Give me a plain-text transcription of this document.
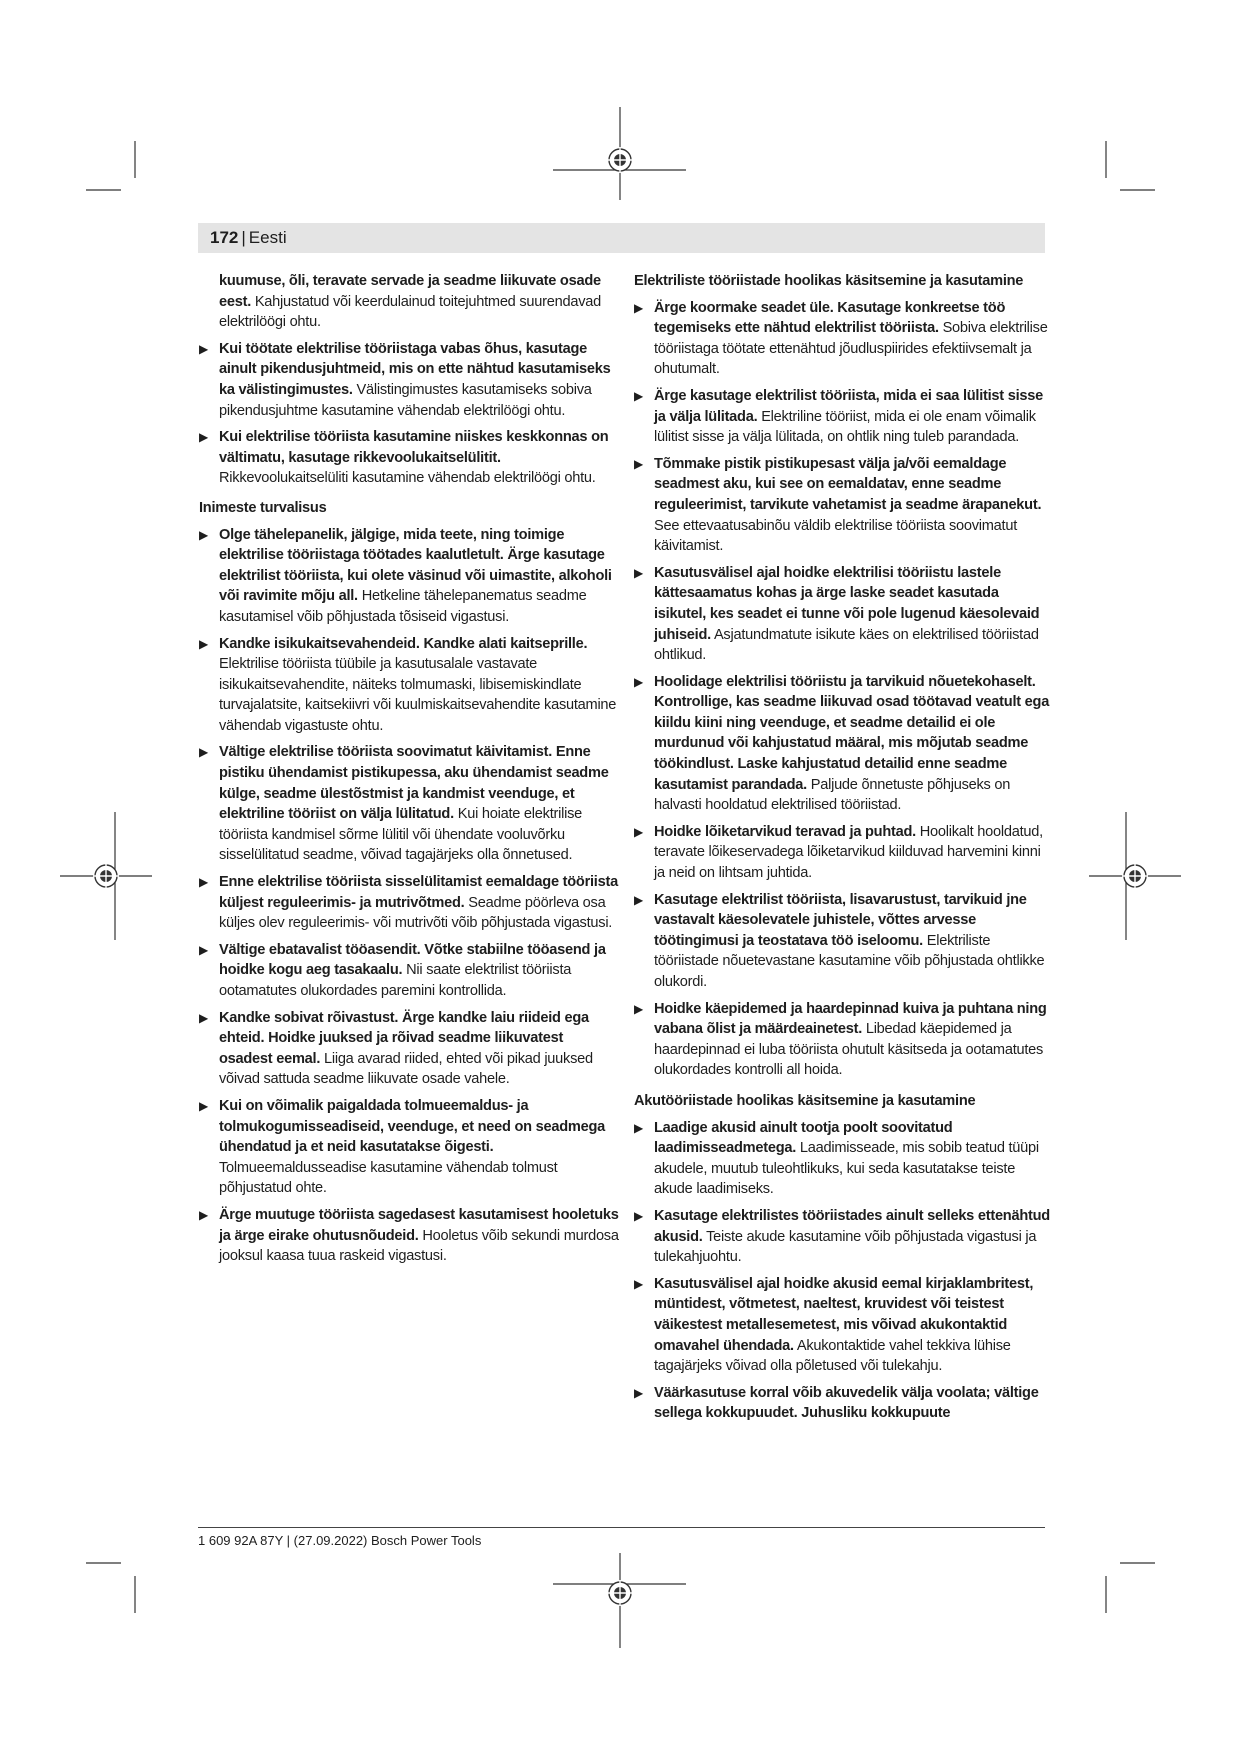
172 | Eesti
kuumuse, õli, teravate servade ja seadme liikuvate osade eest. Kahjustatud või keerdulainud toitejuhtmed suurendavad elektrilöögi ohtu.
▶ Kui töötate elektrilise tööriistaga vabas õhus, kasutage ainult pikendusjuhtmeid, mis on ette nähtud kasutamiseks ka välistingimustes. Välistingimustes kasutamiseks sobiva pikendusjuhtme kasutamine vähendab elektrilöögi ohtu.
▶ Kui elektrilise tööriista kasutamine niiskes keskkonnas on vältimatu, kasutage rikkevoolukaitselülitit. Rikkevoolukaitselüliti kasutamine vähendab elektrilöögi ohtu.
Inimeste turvalisus
▶ Olge tähelepanelik, jälgige, mida teete, ning toimige elektrilise tööriistaga töötades kaalutletult. Ärge kasutage elektrilist tööriista, kui olete väsinud või uimastite, alkoholi või ravimite mõju all. Hetkeline tähelepanematus seadme kasutamisel võib põhjustada tõsiseid vigastusi.
▶ Kandke isikukaitsevahendeid. Kandke alati kaitseprille. Elektrilise tööriista tüübile ja kasutusalale vastavate isikukaitsevahendite, näiteks tolmumaski, libisemiskindlate turvajalatsite, kaitsekiivri või kuulmiskaitsevahendite kasutamine vähendab vigastuste ohtu.
▶ Vältige elektrilise tööriista soovimatut käivitamist. Enne pistiku ühendamist pistikupessa, aku ühendamist seadme külge, seadme ülestõstmist ja kandmist veenduge, et elektriline tööriist on välja lülitatud. Kui hoiate elektrilise tööriista kandmisel sõrme lülitil või ühendate vooluvõrku sisselülitatud seadme, võivad tagajärjeks olla õnnetused.
▶ Enne elektrilise tööriista sisselülitamist eemaldage tööriista küljest reguleerimis- ja mutrivõtmed. Seadme pöörleva osa küljes olev reguleerimis- või mutrivõti võib põhjustada vigastusi.
▶ Vältige ebatavalist tööasendit. Võtke stabiilne tööasend ja hoidke kogu aeg tasakaalu. Nii saate elektrilist tööriista ootamatutes olukordades paremini kontrollida.
▶ Kandke sobivat rõivastust. Ärge kandke laiu riideid ega ehteid. Hoidke juuksed ja rõivad seadme liikuvatest osadest eemal. Liiga avarad riided, ehted või pikad juuksed võivad sattuda seadme liikuvate osade vahele.
▶ Kui on võimalik paigaldada tolmueemaldus- ja tolmukogumisseadiseid, veenduge, et need on seadmega ühendatud ja et neid kasutatakse õigesti. Tolmueemaldusseadise kasutamine vähendab tolmust põhjustatud ohte.
▶ Ärge muutuge tööriista sagedasest kasutamisest hooletuks ja ärge eirake ohutusnõudeid. Hooletus võib sekundi murdosa jooksul kaasa tuua raskeid vigastusi.
Elektriliste tööriistade hoolikas käsitsemine ja kasutamine
▶ Ärge koormake seadet üle. Kasutage konkreetse töö tegemiseks ette nähtud elektrilist tööriista. Sobiva elektrilise tööriistaga töötate ettenähtud jõudluspiirides efektiivsemalt ja ohutumalt.
▶ Ärge kasutage elektrilist tööriista, mida ei saa lülitist sisse ja välja lülitada. Elektriline tööriist, mida ei ole enam võimalik lülitist sisse ja välja lülitada, on ohtlik ning tuleb parandada.
▶ Tõmmake pistik pistikupesast välja ja/või eemaldage seadmest aku, kui see on eemaldatav, enne seadme reguleerimist, tarvikute vahetamist ja seadme ärapanekut. See ettevaatusabinõu väldib elektrilise tööriista soovimatut käivitamist.
▶ Kasutusvälisel ajal hoidke elektrilisi tööriistu lastele kättesaamatus kohas ja ärge laske seadet kasutada isikutel, kes seadet ei tunne või pole lugenud käesolevaid juhiseid. Asjatundmatute isikute käes on elektrilised tööriistad ohtlikud.
▶ Hoolidage elektrilisi tööriistu ja tarvikuid nõuetekohaselt. Kontrollige, kas seadme liikuvad osad töötavad veatult ega kiildu kiini ning veenduge, et seadme detailid ei ole murdunud või kahjustatud määral, mis mõjutab seadme töökindlust. Laske kahjustatud detailid enne seadme kasutamist parandada. Paljude õnnetuste põhjuseks on halvasti hooldatud elektrilised tööriistad.
▶ Hoidke lõiketarvikud teravad ja puhtad. Hoolikalt hooldatud, teravate lõikeservadega lõiketarvikud kiilduvad harvemini kinni ja neid on lihtsam juhtida.
▶ Kasutage elektrilist tööriista, lisavarustust, tarvikuid jne vastavalt käesolevatele juhistele, võttes arvesse töötingimusi ja teostatava töö iseloomu. Elektriliste tööriistade nõuetevastane kasutamine võib põhjustada ohtlikke olukordi.
▶ Hoidke käepidemed ja haardepinnad kuiva ja puhtana ning vabana õlist ja määrdeainetest. Libedad käepidemed ja haardepinnad ei luba tööriista ohutult käsitseda ja ootamatutes olukordades kontrolli all hoida.
Akutööriistade hoolikas käsitsemine ja kasutamine
▶ Laadige akusid ainult tootja poolt soovitatud laadimisseadmetega. Laadimisseade, mis sobib teatud tüüpi akudele, muutub tuleohtlikuks, kui seda kasutatakse teiste akude laadimiseks.
▶ Kasutage elektrilistes tööriistades ainult selleks ettenähtud akusid. Teiste akude kasutamine võib põhjustada vigastusi ja tulekahjuohtu.
▶ Kasutusvälisel ajal hoidke akusid eemal kirjaklambritest, müntidest, võtmetest, naeltest, kruvidest või teistest väikestest metallesemetest, mis võivad akukontaktid omavahel ühendada. Akukontaktide vahel tekkiva lühise tagajärjeks võivad olla põletused või tulekahju.
▶ Väärkasutuse korral võib akuvedelik välja voolata; vältige sellega kokkupuudet. Juhusliku kokkupuute
1 609 92A 87Y | (27.09.2022) Bosch Power Tools
